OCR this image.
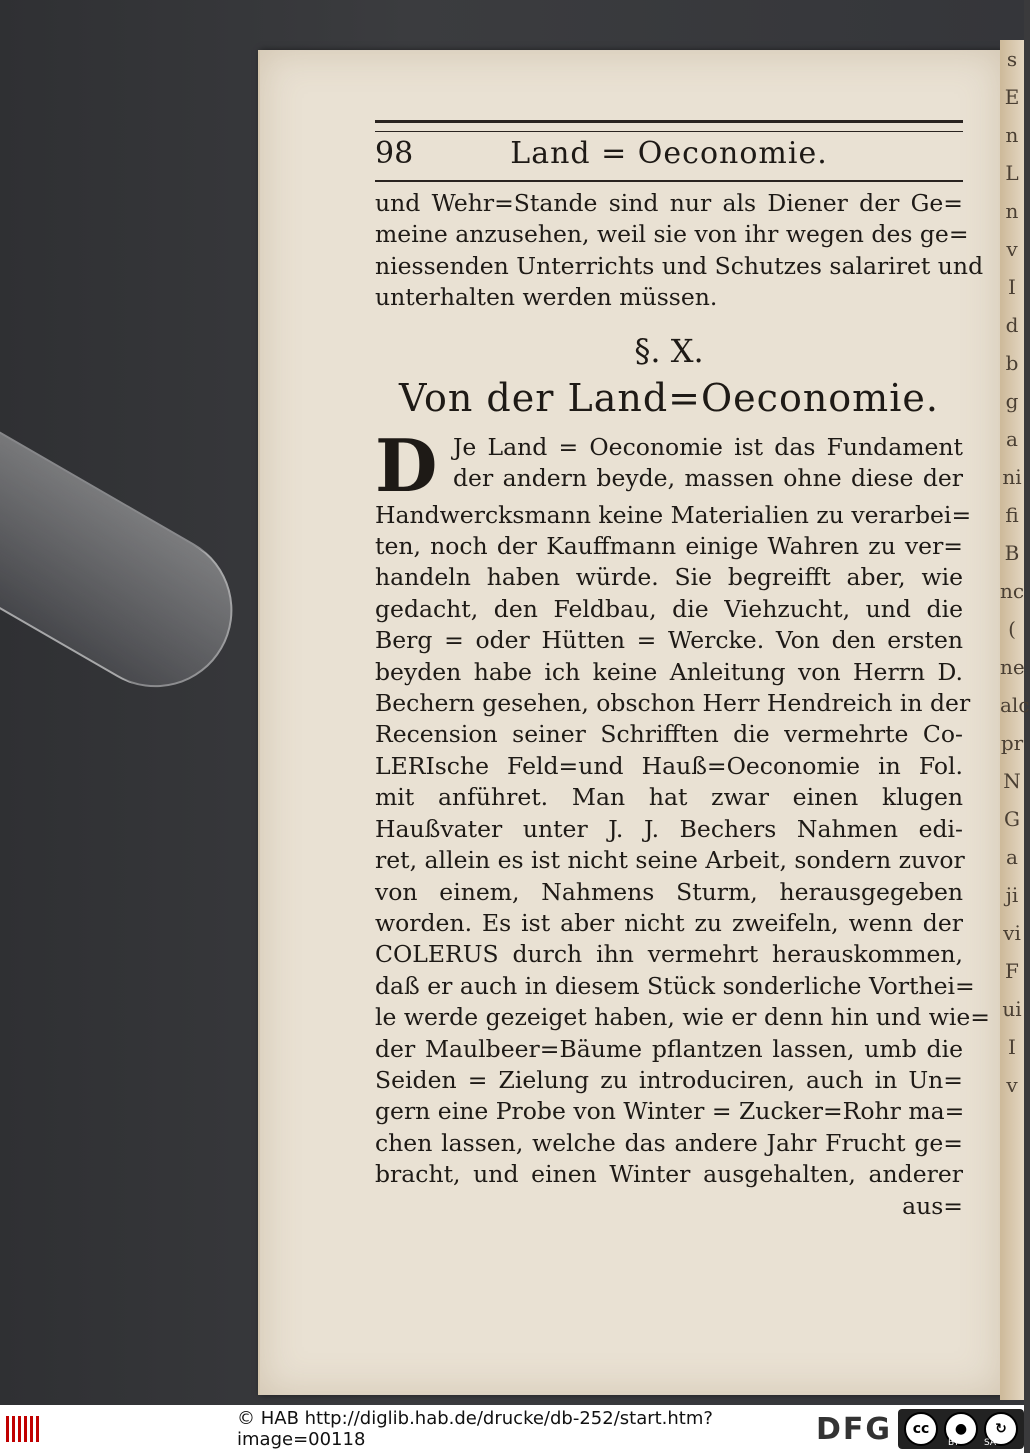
s
E
n
L
n
v
I
d
b
g
a
ni
fi
B
nc
(
ne
alc
pr
N
G
a
ji
vi
F
ui
I
v
98	Land = Oeconomie.
und Wehr=Stande sind nur als Diener der Ge=
meine anzusehen, weil sie von ihr wegen des ge=
niessenden Unterrichts und Schutzes salariret und
unterhalten werden müssen.
§. X.
Von der Land=Oeconomie.
D Je Land = Oeconomie ist das Fundament
der andern beyde, massen ohne diese der
Handwercksmann keine Materialien zu verarbei=
ten, noch der Kauffmann einige Wahren zu ver=
handeln haben würde. Sie begreifft aber, wie
gedacht, den Feldbau, die Viehzucht, und die
Berg = oder Hütten = Wercke. Von den ersten
beyden habe ich keine Anleitung von Herrn D.
Bechern gesehen, obschon Herr Hendreich in der
Recension seiner Schrifften die vermehrte Co-
LERIsche Feld=und Hauß=Oeconomie in Fol.
mit anführet. Man hat zwar einen klugen
Haußvater unter J. J. Bechers Nahmen edi-
ret, allein es ist nicht seine Arbeit, sondern zuvor
von einem, Nahmens Sturm, herausgegeben
worden. Es ist aber nicht zu zweifeln, wenn der
COLERUS durch ihn vermehrt herauskommen,
daß er auch in diesem Stück sonderliche Vorthei=
le werde gezeiget haben, wie er denn hin und wie=
der Maulbeer=Bäume pflantzen lassen, umb die
Seiden = Zielung zu introduciren, auch in Un=
gern eine Probe von Winter = Zucker=Rohr ma=
chen lassen, welche das andere Jahr Frucht ge=
bracht, und einen Winter ausgehalten, anderer
aus=
© HAB http://diglib.hab.de/drucke/db-252/start.htm?image=00118	DFG	cc	●	↻
BY	SA
